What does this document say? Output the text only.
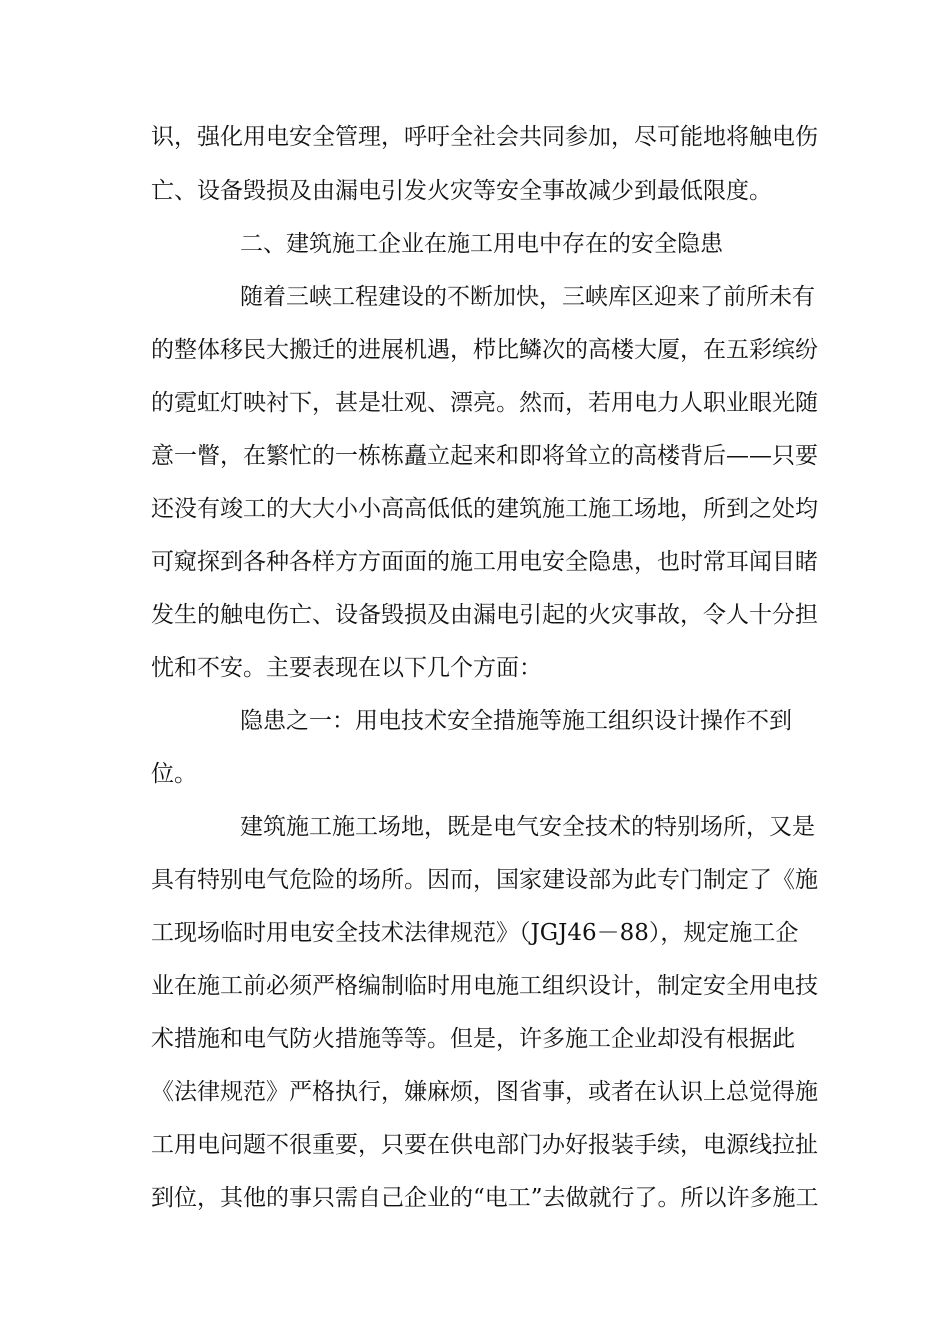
识，强化用电安全管理，呼吁全社会共同参加，尽可能地将触电伤
亡、设备毁损及由漏电引发火灾等安全事故减少到最低限度。
二、建筑施工企业在施工用电中存在的安全隐患
随着三峡工程建设的不断加快，三峡库区迎来了前所未有
的整体移民大搬迁的进展机遇，栉比鳞次的高楼大厦，在五彩缤纷
的霓虹灯映衬下，甚是壮观、漂亮。然而，若用电力人职业眼光随
意一瞥，在繁忙的一栋栋矗立起来和即将耸立的高楼背后——只要
还没有竣工的大大小小高高低低的建筑施工施工场地，所到之处均
可窥探到各种各样方方面面的施工用电安全隐患，也时常耳闻目睹
发生的触电伤亡、设备毁损及由漏电引起的火灾事故，令人十分担
忧和不安。主要表现在以下几个方面：
隐患之一：用电技术安全措施等施工组织设计操作不到
位。
建筑施工施工场地，既是电气安全技术的特别场所，又是
具有特别电气危险的场所。因而，国家建设部为此专门制定了《施
工现场临时用电安全技术法律规范》（JGJ46－88），规定施工企
业在施工前必须严格编制临时用电施工组织设计，制定安全用电技
术措施和电气防火措施等等。但是，许多施工企业却没有根据此
《法律规范》严格执行，嫌麻烦，图省事，或者在认识上总觉得施
工用电问题不很重要，只要在供电部门办好报装手续，电源线拉扯
到位，其他的事只需自己企业的“电工”去做就行了。所以许多施工
